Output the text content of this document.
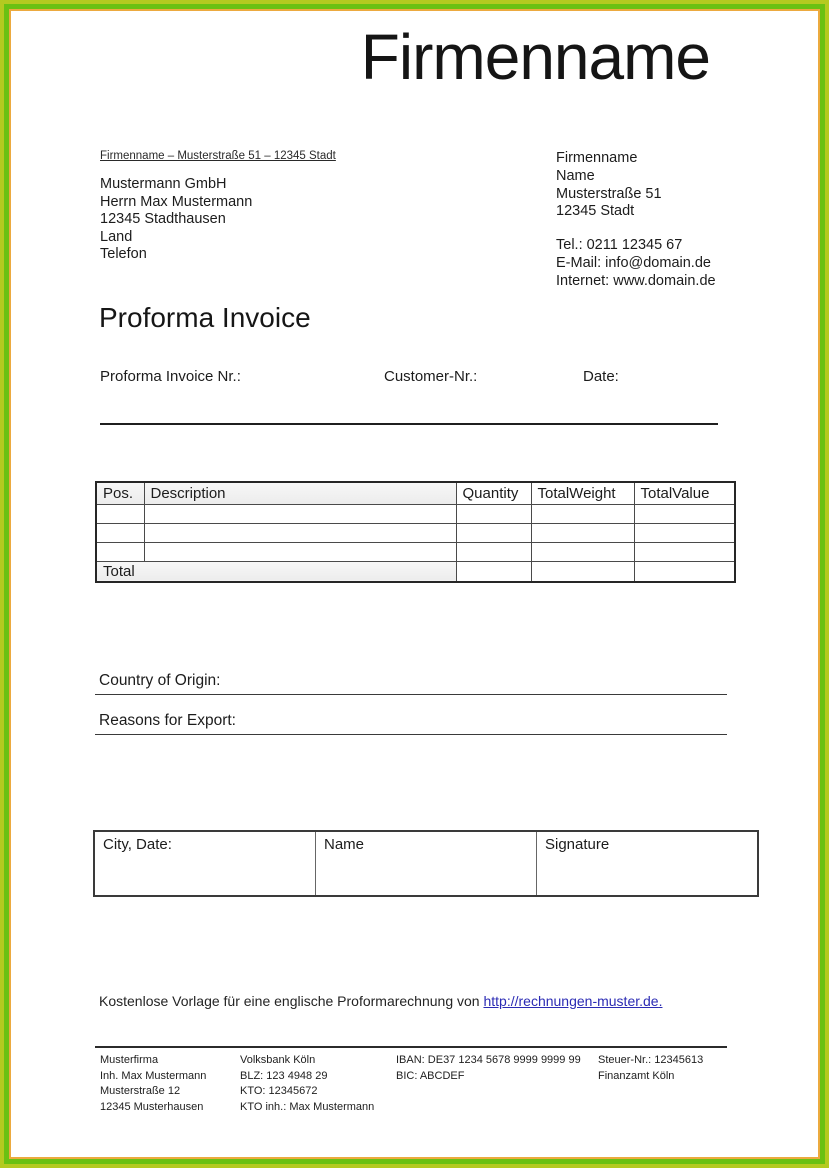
Firmenname
Firmenname – Musterstraße 51 – 12345 Stadt
Mustermann GmbH
Herrn Max Mustermann
12345 Stadthausen
Land
Telefon
Firmenname
Name
Musterstraße 51
12345 Stadt
Tel.: 0211 12345 67
E-Mail: info@domain.de
Internet: www.domain.de
Proforma Invoice
Proforma Invoice Nr.:	Customer-Nr.:	Date:
Pos.	Description	Quantity	TotalWeight	TotalValue

Total				
Country of Origin:
Reasons for Export:
City, Date:	Name	Signature
Kostenlose Vorlage für eine englische Proformarechnung von http://rechnungen-muster.de.
Musterfirma
Inh. Max Mustermann
Musterstraße 12
12345 Musterhausen
Volksbank Köln
BLZ: 123 4948 29
KTO: 12345672
KTO inh.: Max Mustermann
IBAN: DE37 1234 5678 9999 9999 99
BIC: ABCDEF
Steuer-Nr.: 12345613
Finanzamt Köln
